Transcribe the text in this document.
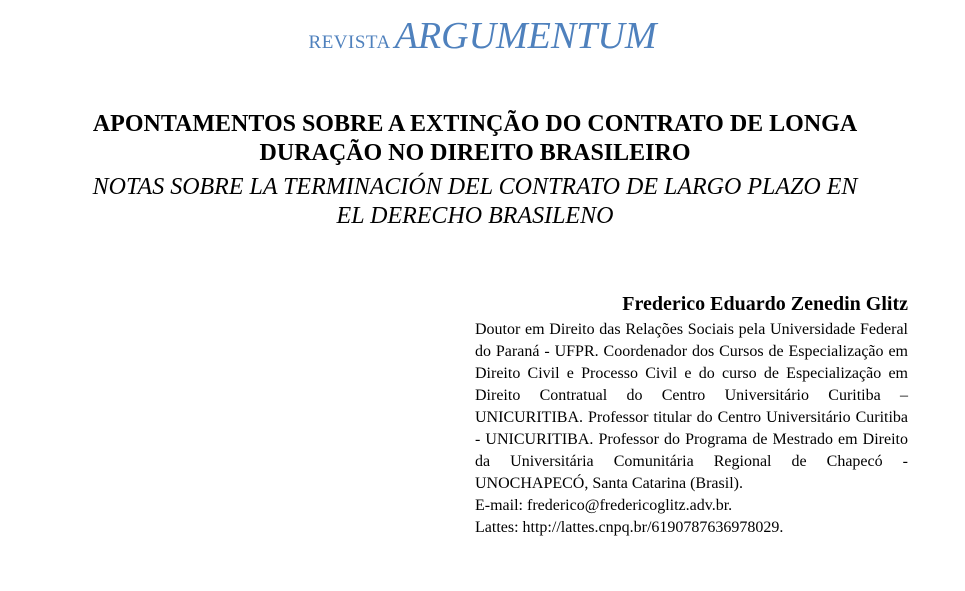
REVISTA ARGUMENTUM
APONTAMENTOS SOBRE A EXTINÇÃO DO CONTRATO DE LONGA
DURAÇÃO NO DIREITO BRASILEIRO
NOTAS SOBRE LA TERMINACIÓN DEL CONTRATO DE LARGO PLAZO EN
EL DERECHO BRASILENO
Frederico Eduardo Zenedin Glitz
Doutor em Direito das Relações Sociais pela Universidade Federal do Paraná - UFPR. Coordenador dos Cursos de Especialização em Direito Civil e Processo Civil e do curso de Especialização em Direito Contratual do Centro Universitário Curitiba – UNICURITIBA. Professor titular do Centro Universitário Curitiba - UNICURITIBA. Professor do Programa de Mestrado em Direito da Universitária Comunitária Regional de Chapecó - UNOCHAPECÓ, Santa Catarina (Brasil).
E-mail: frederico@fredericoglitz.adv.br.
Lattes: http://lattes.cnpq.br/6190787636978029.
